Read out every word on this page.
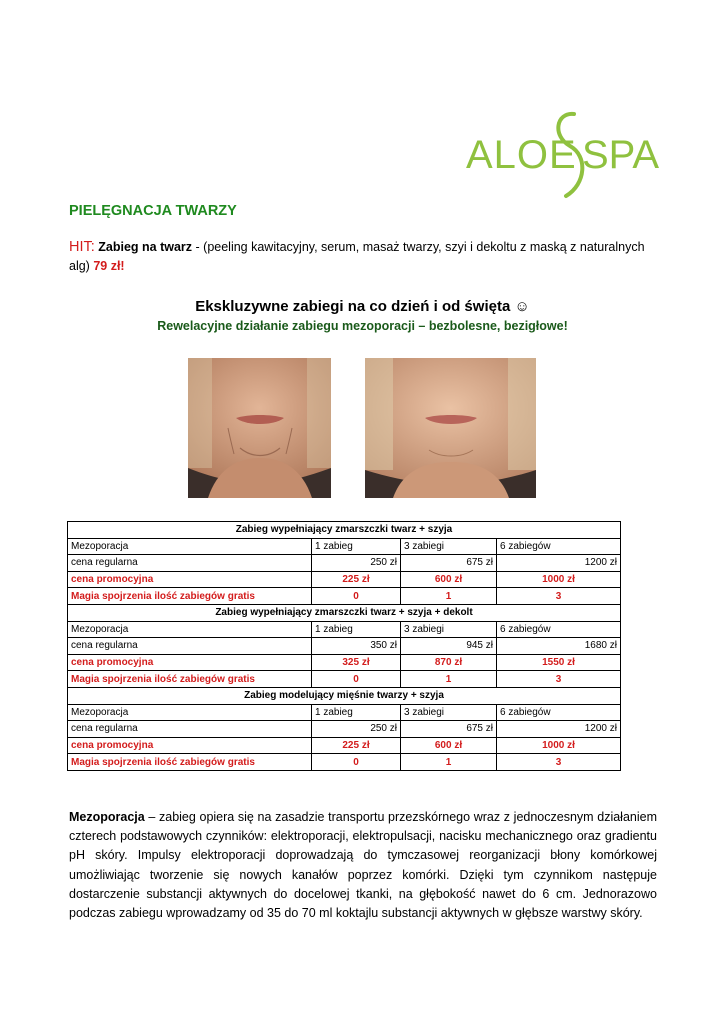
ALOE SPA
PIELĘGNACJA TWARZY
HIT: Zabieg na twarz - (peeling kawitacyjny, serum, masaż twarzy, szyi i dekoltu z maską z naturalnych alg) 79 zł!
Ekskluzywne zabiegi na co dzień i od święta ☺
Rewelacyjne działanie zabiegu mezoporacji – bezbolesne, bezigłowe!
Zabieg wypełniający zmarszczki twarz + szyja			
Mezoporacja	1 zabieg	3 zabiegi	6 zabiegów
cena regularna	250 zł	675 zł	1200 zł
cena promocyjna	225 zł	600 zł	1000 zł
Magia spojrzenia ilość zabiegów gratis	0	1	3
Zabieg wypełniający zmarszczki twarz + szyja + dekolt			
Mezoporacja	1 zabieg	3 zabiegi	6 zabiegów
cena regularna	350 zł	945 zł	1680 zł
cena promocyjna	325 zł	870 zł	1550 zł
Magia spojrzenia ilość zabiegów gratis	0	1	3
Zabieg modelujący mięśnie twarzy + szyja			
Mezoporacja	1 zabieg	3 zabiegi	6 zabiegów
cena regularna	250 zł	675 zł	1200 zł
cena promocyjna	225 zł	600 zł	1000 zł
Magia spojrzenia ilość zabiegów gratis	0	1	3
Mezoporacja – zabieg opiera się na zasadzie transportu przezskórnego wraz z jednoczesnym działaniem czterech podstawowych czynników: elektroporacji, elektropulsacji, nacisku mechanicznego oraz gradientu pH skóry. Impulsy elektroporacji doprowadzają do tymczasowej reorganizacji błony komórkowej umożliwiając tworzenie się nowych kanałów poprzez komórki. Dzięki tym czynnikom następuje dostarczenie substancji aktywnych do docelowej tkanki, na głębokość nawet do 6 cm. Jednorazowo podczas zabiegu wprowadzamy od 35 do 70 ml koktajlu substancji aktywnych w głębsze warstwy skóry.
